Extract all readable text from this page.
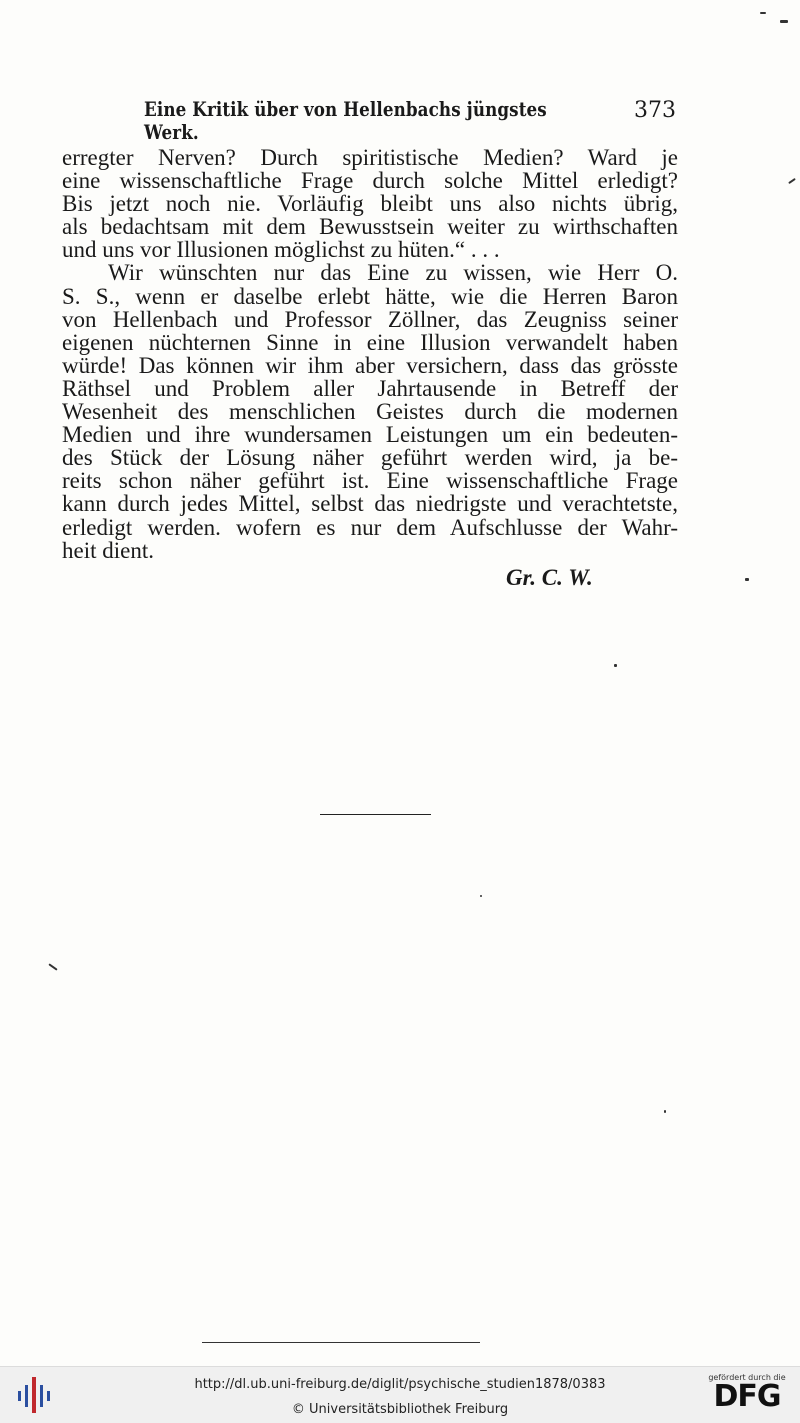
Eine Kritik über von Hellenbachs jüngstes Werk.
373
erregter Nerven? Durch spiritistische Medien? Ward je
eine wissenschaftliche Frage durch solche Mittel erledigt?
Bis jetzt noch nie. Vorläufig bleibt uns also nichts übrig,
als bedachtsam mit dem Bewusstsein weiter zu wirthschaften
und uns vor Illusionen möglichst zu hüten.“ . . .
Wir wünschten nur das Eine zu wissen, wie Herr O.
S. S., wenn er daselbe erlebt hätte, wie die Herren Baron
von Hellenbach und Professor Zöllner, das Zeugniss seiner
eigenen nüchternen Sinne in eine Illusion verwandelt haben
würde! Das können wir ihm aber versichern, dass das grösste
Räthsel und Problem aller Jahrtausende in Betreff der
Wesenheit des menschlichen Geistes durch die modernen
Medien und ihre wundersamen Leistungen um ein bedeuten-
des Stück der Lösung näher geführt werden wird, ja be-
reits schon näher geführt ist. Eine wissenschaftliche Frage
kann durch jedes Mittel, selbst das niedrigste und verachtetste,
erledigt werden. wofern es nur dem Aufschlusse der Wahr-
heit dient.
Gr. C. W.
http://dl.ub.uni-freiburg.de/diglit/psychische_studien1878/0383
© Universitätsbibliothek Freiburg
gefördert durch die
DFG
